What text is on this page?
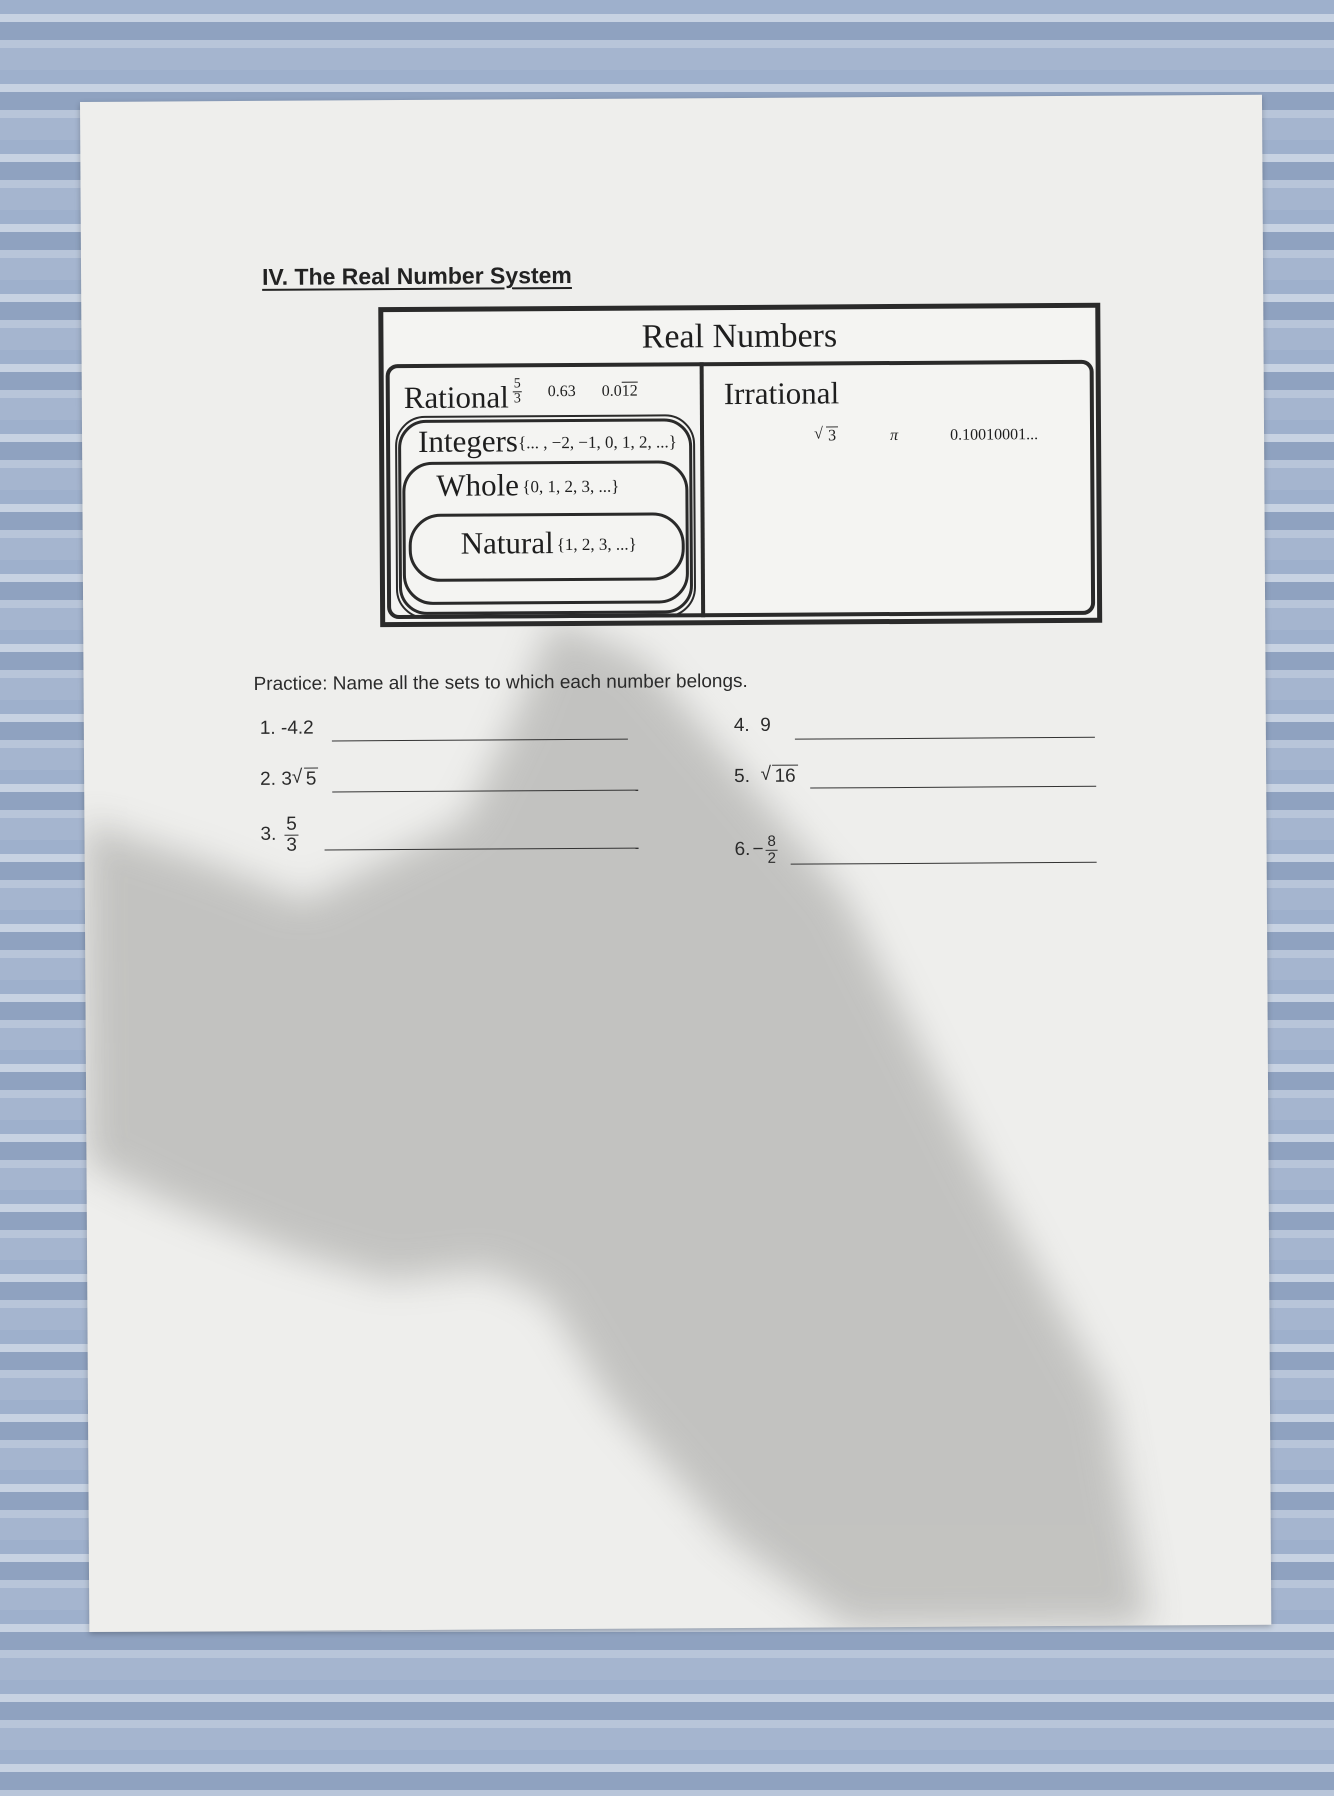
IV. The Real Number System
Real Numbers
Rational $\frac{5}{3} 0.63$ 0.012	Irrational
√ 3	π	0.10010001...
Integers {... , −2, −1, 0, 1, 2, ...}
Whole {0, 1, 2, 3, ...}
Natural {1, 2, 3, ...}
Practice: Name all the sets to which each number belongs.
1. -4.2
2. 3 √ 5
3. $\frac{5}{3}$
4. 9
5. √ 16
6. − $\frac{8}{2}$
